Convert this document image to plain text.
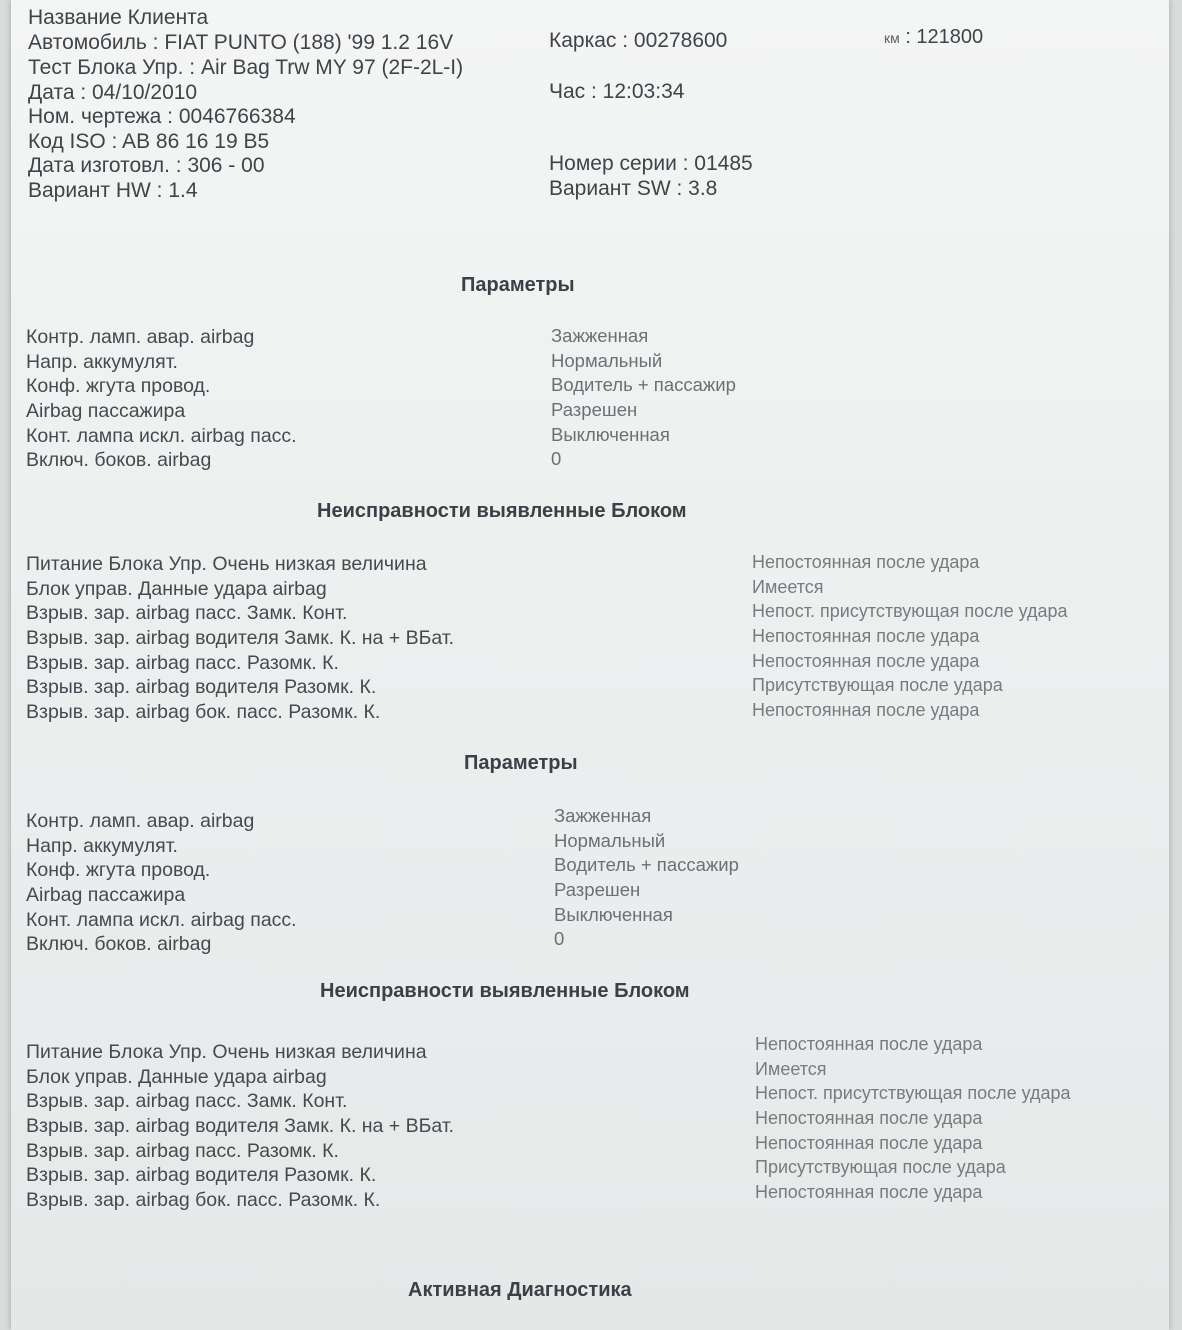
Название Клиента
Автомобиль : FIAT PUNTO (188) '99 1.2 16V
Тест Блока Упр. : Air Bag Trw MY 97 (2F-2L-I)
Дата : 04/10/2010
Ном. чертежа : 0046766384
Код ISO : AB 86 16 19 B5
Дата изготовл. : 306 - 00
Вариант HW : 1.4
Каркас : 00278600
Час : 12:03:34
Номер серии : 01485
Вариант SW : 3.8
км : 121800
Параметры
Контр. ламп. авар. airbag
Напр. аккумулят.
Конф. жгута провод.
Airbag пассажира
Конт. лампа искл. airbag пасс.
Включ. боков. airbag
Зажженная
Нормальный
Водитель + пассажир
Разрешен
Выключенная
0
Неисправности выявленные Блоком
Питание Блока Упр. Очень низкая величина
Блок управ. Данные удара airbag
Взрыв. зар. airbag пасс. Замк. Конт.
Взрыв. зар. airbag водителя Замк. К. на + ВБат.
Взрыв. зар. airbag пасс. Разомк. К.
Взрыв. зар. airbag водителя Разомк. К.
Взрыв. зар. airbag бок. пасс. Разомк. К.
Непостоянная после удара
Имеется
Непост. присутствующая после удара
Непостоянная после удара
Непостоянная после удара
Присутствующая после удара
Непостоянная после удара
Параметры
Контр. ламп. авар. airbag
Напр. аккумулят.
Конф. жгута провод.
Airbag пассажира
Конт. лампа искл. airbag пасс.
Включ. боков. airbag
Зажженная
Нормальный
Водитель + пассажир
Разрешен
Выключенная
0
Неисправности выявленные Блоком
Питание Блока Упр. Очень низкая величина
Блок управ. Данные удара airbag
Взрыв. зар. airbag пасс. Замк. Конт.
Взрыв. зар. airbag водителя Замк. К. на + ВБат.
Взрыв. зар. airbag пасс. Разомк. К.
Взрыв. зар. airbag водителя Разомк. К.
Взрыв. зар. airbag бок. пасс. Разомк. К.
Непостоянная после удара
Имеется
Непост. присутствующая после удара
Непостоянная после удара
Непостоянная после удара
Присутствующая после удара
Непостоянная после удара
Активная Диагностика
